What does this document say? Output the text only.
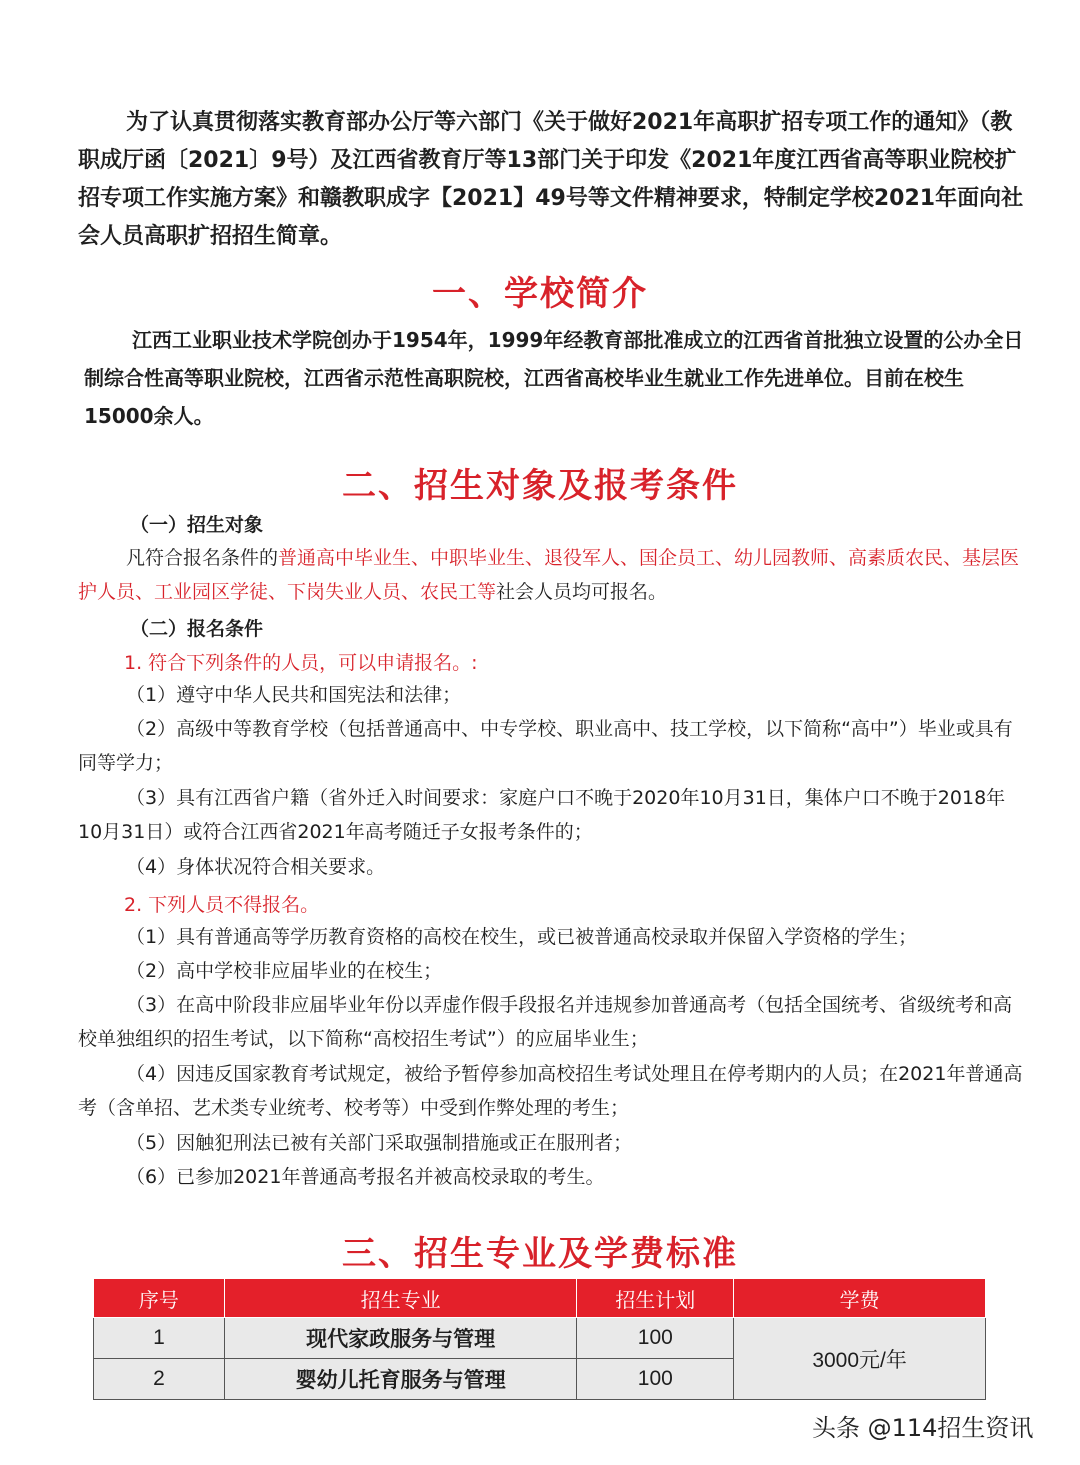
为了认真贯彻落实教育部办公厅等六部门《关于做好2021年高职扩招专项工作的通知》（教职成厅函〔2021〕9号）及江西省教育厅等13部门关于印发《2021年度江西省高等职业院校扩招专项工作实施方案》和赣教职成字【2021】49号等文件精神要求，特制定学校2021年面向社会人员高职扩招招生简章。

一、学校简介

江西工业职业技术学院创办于1954年，1999年经教育部批准成立的江西省首批独立设置的公办全日制综合性高等职业院校，江西省示范性高职院校，江西省高校毕业生就业工作先进单位。目前在校生15000余人。

二、招生对象及报考条件
（一）招生对象

凡符合报名条件的普通高中毕业生、中职毕业生、退役军人、国企员工、幼儿园教师、高素质农民、基层医护人员、工业园区学徒、下岗失业人员、农民工等社会人员均可报名。

（二）报名条件
1. 符合下列条件的人员，可以申请报名。:

（1）遵守中华人民共和国宪法和法律；

（2）高级中等教育学校（包括普通高中、中专学校、职业高中、技工学校，以下简称“高中”）毕业或具有同等学力；

（3）具有江西省户籍（省外迁入时间要求：家庭户口不晚于2020年10月31日，集体户口不晚于2018年10月31日）或符合江西省2021年高考随迁子女报考条件的；

（4）身体状况符合相关要求。

2. 下列人员不得报名。

（1）具有普通高等学历教育资格的高校在校生，或已被普通高校录取并保留入学资格的学生；

（2）高中学校非应届毕业的在校生；

（3）在高中阶段非应届毕业年份以弄虚作假手段报名并违规参加普通高考（包括全国统考、省级统考和高校单独组织的招生考试，以下简称“高校招生考试”）的应届毕业生；

（4）因违反国家教育考试规定，被给予暂停参加高校招生考试处理且在停考期内的人员；在2021年普通高考（含单招、艺术类专业统考、校考等）中受到作弊处理的考生；

（5）因触犯刑法已被有关部门采取强制措施或正在服刑者；

（6）已参加2021年普通高考报名并被高校录取的考生。

三、招生专业及学费标准
序号	招生专业	招生计划	学费
1	现代家政服务与管理	100	3000元/年
2	婴幼儿托育服务与管理	100	
头条 @114招生资讯
